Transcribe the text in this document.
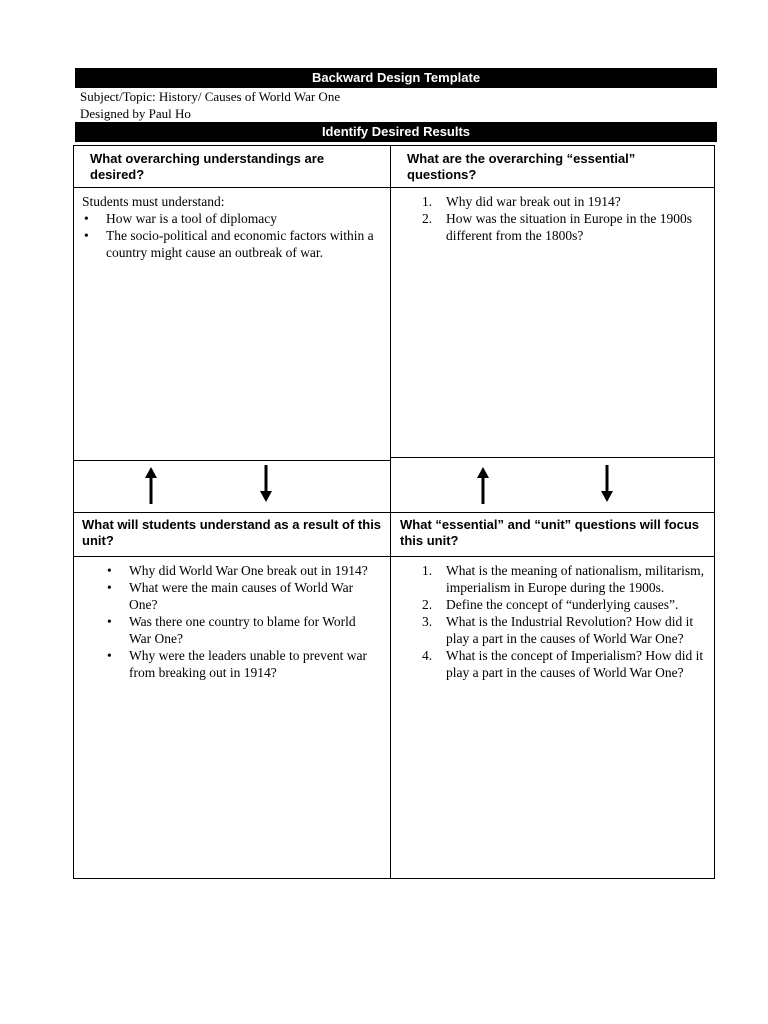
Backward Design Template
Subject/Topic: History/ Causes of World War One
Designed by Paul Ho
Identify Desired Results
What overarching understandings are desired?
What are the overarching “essential” questions?
Students must understand:
• How war is a tool of diplomacy
• The socio-political and economic factors within a country might cause an outbreak of war.
1. Why did war break out in 1914?
2. How was the situation in Europe in the 1900s different from the 1800s?
What will students understand as a result of this unit?
What “essential” and “unit” questions will focus this unit?
• Why did World War One break out in 1914?
• What were the main causes of World War One?
• Was there one country to blame for World War One?
• Why were the leaders unable to prevent war from breaking out in 1914?
1. What is the meaning of nationalism, militarism, imperialism in Europe during the 1900s.
2. Define the concept of “underlying causes”.
3. What is the Industrial Revolution? How did it play a part in the causes of World War One?
4. What is the concept of Imperialism? How did it play a part in the causes of World War One?
